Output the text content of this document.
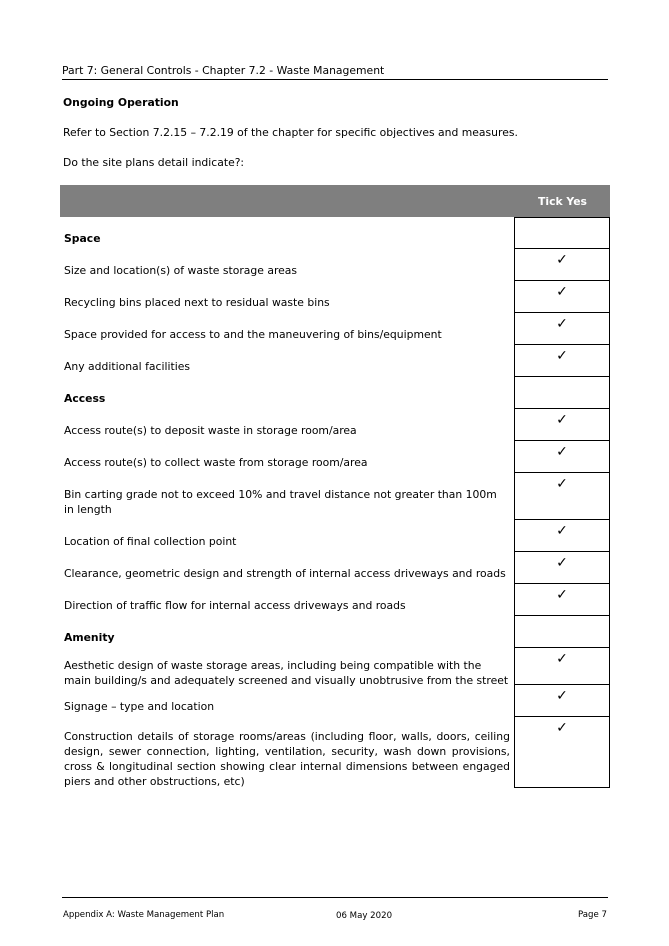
Part 7: General Controls - Chapter 7.2 - Waste Management
Ongoing Operation
Refer to Section 7.2.15 – 7.2.19 of the chapter for specific objectives and measures.
Do the site plans detail indicate?:
Tick Yes
Space
Size and location(s) of waste storage areas
✓
Recycling bins placed next to residual waste bins
✓
Space provided for access to and the maneuvering of bins/equipment
✓
Any additional facilities
✓
Access
Access route(s) to deposit waste in storage room/area
✓
Access route(s) to collect waste from storage room/area
✓
Bin carting grade not to exceed 10% and travel distance not greater than 100m in length
✓
Location of final collection point
✓
Clearance, geometric design and strength of internal access driveways and roads
✓
Direction of traffic flow for internal access driveways and roads
✓
Amenity
Aesthetic design of waste storage areas, including being compatible with the main building/s and adequately screened and visually unobtrusive from the street
✓
Signage – type and location
✓
Construction details of storage rooms/areas (including floor, walls, doors, ceiling design, sewer connection, lighting, ventilation, security, wash down provisions, cross & longitudinal section showing clear internal dimensions between engaged piers and other obstructions, etc)
✓
Appendix A: Waste Management Plan	06 May 2020	Page 7
